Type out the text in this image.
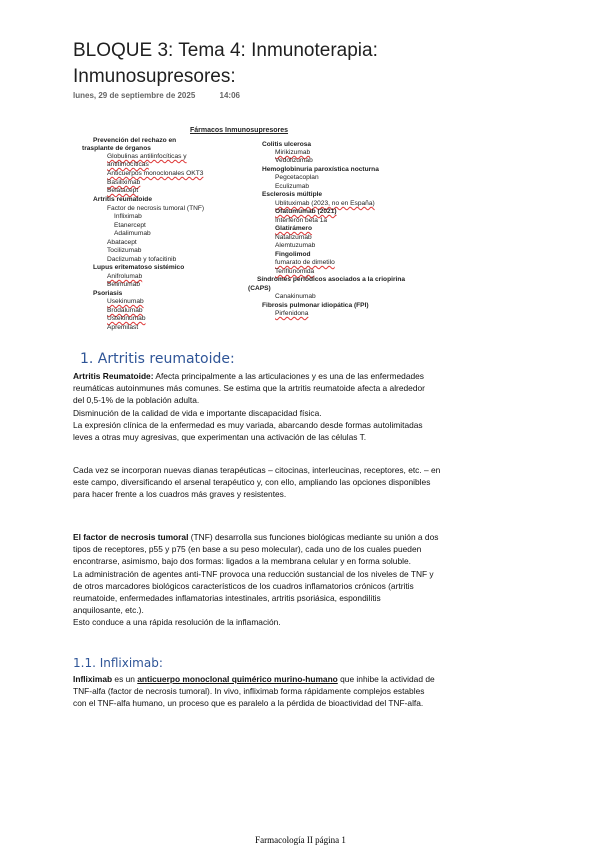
BLOQUE 3: Tema 4: Inmunoterapia:
Inmunosupresores:
lunes, 29 de septiembre de 2025	14:06
Fármacos Inmunosupresores
Prevención del rechazo en
trasplante de órganos
Globulinas antilinfocíticas y
antitimocíticas
Anticuerpos monoclonales OKT3
Basiliximab
Belatacept
Artritis reumatoide
Factor de necrosis tumoral (TNF)
Infliximab
Etanercept
Adalimumab
Abatacept
Tocilizumab
Daclizumab y tofacitinib
Lupus eritematoso sistémico
Anifrolumab
Belimumab
Psoriasis
Usekinumab
Brodalumab
Ustekinumab
Apremilast
Colitis ulcerosa
Mirikizumab
Vedolizumab
Hemoglobinuria paroxística nocturna
Pegcetacoplan
Eculizumab
Esclerosis múltiple
Ublituximab (2023, no en España)
Ofatumumab (2021)
Interferón beta 1a
Glatirámero
Natalizumab
Alemtuzumab
Fingolimod
fumarato de dimetilo
Teriflunomida
Síndromes periódicos asociados a la criopirina
(CAPS)
Canakinumab
Fibrosis pulmonar idiopática (FPI)
Pirfenidona
1. Artritis reumatoide:
Artritis Reumatoide: Afecta principalmente a las articulaciones y es una de las enfermedades
reumáticas autoinmunes más comunes. Se estima que la artritis reumatoide afecta a alrededor
del 0,5-1% de la población adulta.
Disminución de la calidad de vida e importante discapacidad física.
La expresión clínica de la enfermedad es muy variada, abarcando desde formas autolimitadas
leves a otras muy agresivas, que experimentan una activación de las células T.
Cada vez se incorporan nuevas dianas terapéuticas – citocinas, interleucinas, receptores, etc. – en
este campo, diversificando el arsenal terapéutico y, con ello, ampliando las opciones disponibles
para hacer frente a los cuadros más graves y resistentes.
El factor de necrosis tumoral (TNF) desarrolla sus funciones biológicas mediante su unión a dos
tipos de receptores, p55 y p75 (en base a su peso molecular), cada uno de los cuales pueden
encontrarse, asimismo, bajo dos formas: ligados a la membrana celular y en forma soluble.
La administración de agentes anti-TNF provoca una reducción sustancial de los niveles de TNF y
de otros marcadores biológicos característicos de los cuadros inflamatorios crónicos (artritis
reumatoide, enfermedades inflamatorias intestinales, artritis psoriásica, espondilitis
anquilosante, etc.).
Esto conduce a una rápida resolución de la inflamación.
1.1. Infliximab:
Infliximab es un anticuerpo monoclonal quimérico murino-humano que inhibe la actividad de
TNF-alfa (factor de necrosis tumoral). In vivo, infliximab forma rápidamente complejos estables
con el TNF-alfa humano, un proceso que es paralelo a la pérdida de bioactividad del TNF-alfa.
Farmacología II página 1
